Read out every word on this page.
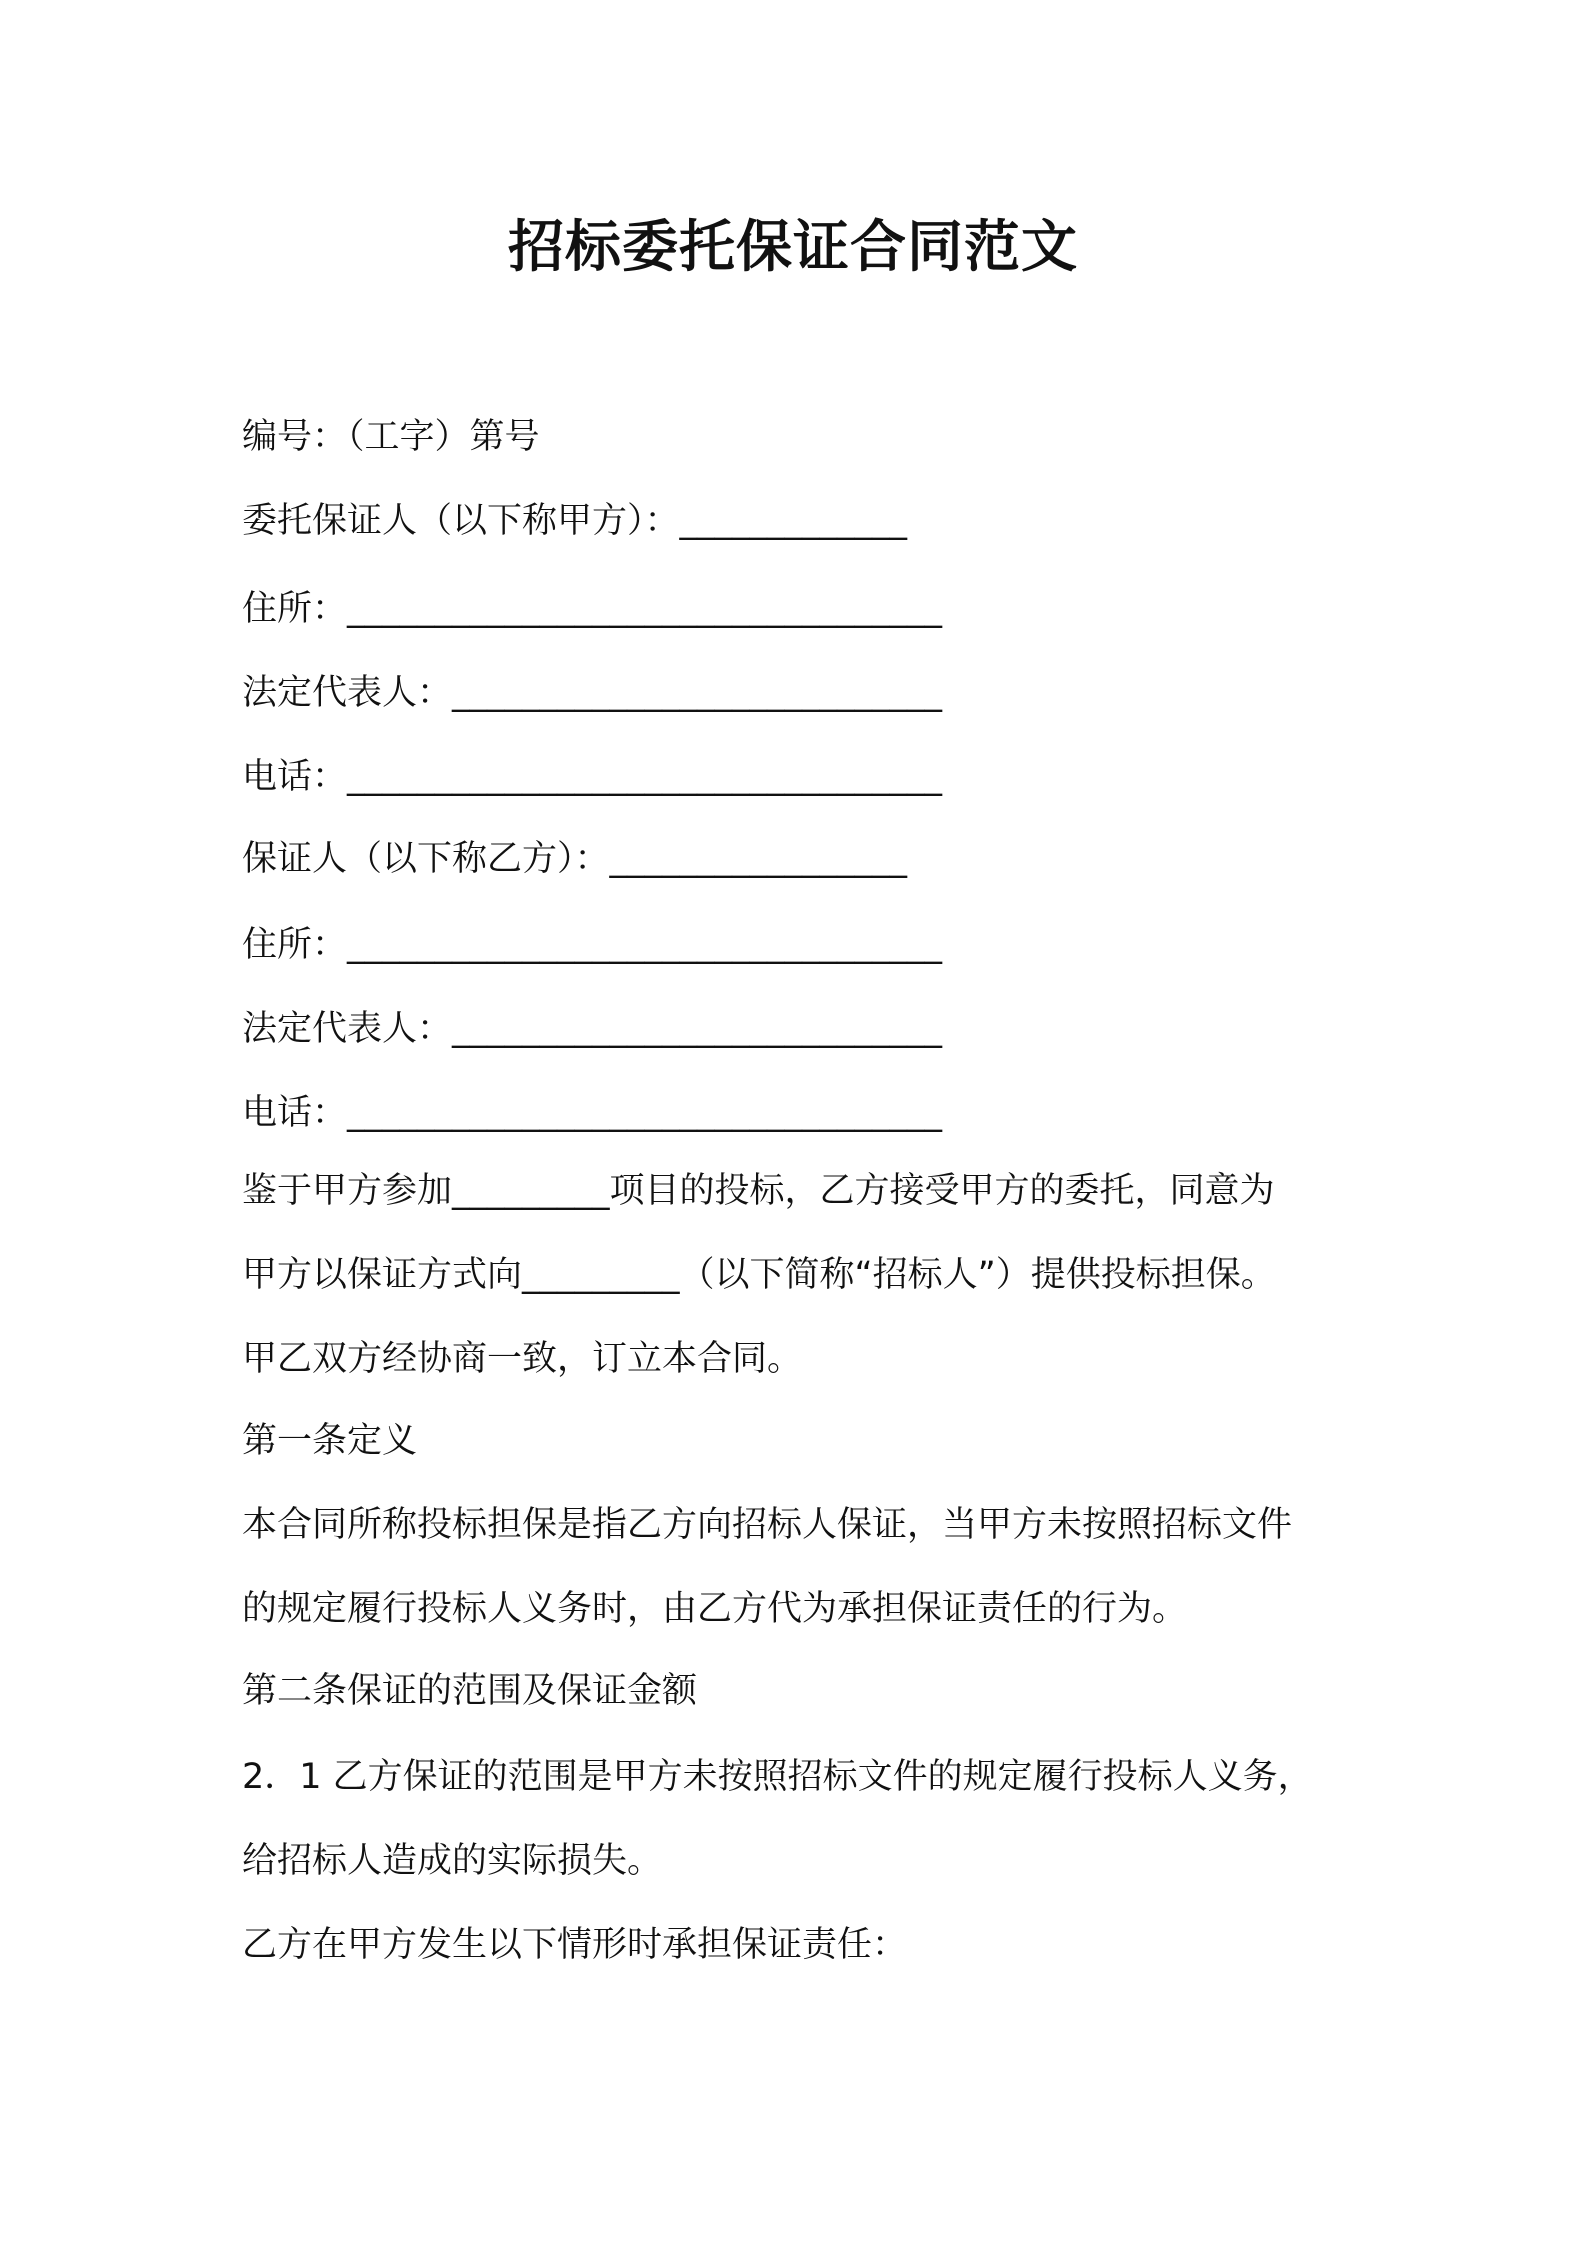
招标委托保证合同范文
编号：（工字）第号
委托保证人（以下称甲方）：_____________
住所：__________________________________
法定代表人：____________________________
电话：__________________________________
保证人（以下称乙方）：_________________
住所：__________________________________
法定代表人：____________________________
电话：__________________________________
鉴于甲方参加_________项目的投标，乙方接受甲方的委托，同意为
甲方以保证方式向_________（以下简称“招标人”）提供投标担保。
甲乙双方经协商一致，订立本合同。
第一条定义
本合同所称投标担保是指乙方向招标人保证，当甲方未按照招标文件
的规定履行投标人义务时，由乙方代为承担保证责任的行为。
第二条保证的范围及保证金额
2．1 乙方保证的范围是甲方未按照招标文件的规定履行投标人义务，
给招标人造成的实际损失。
乙方在甲方发生以下情形时承担保证责任：
